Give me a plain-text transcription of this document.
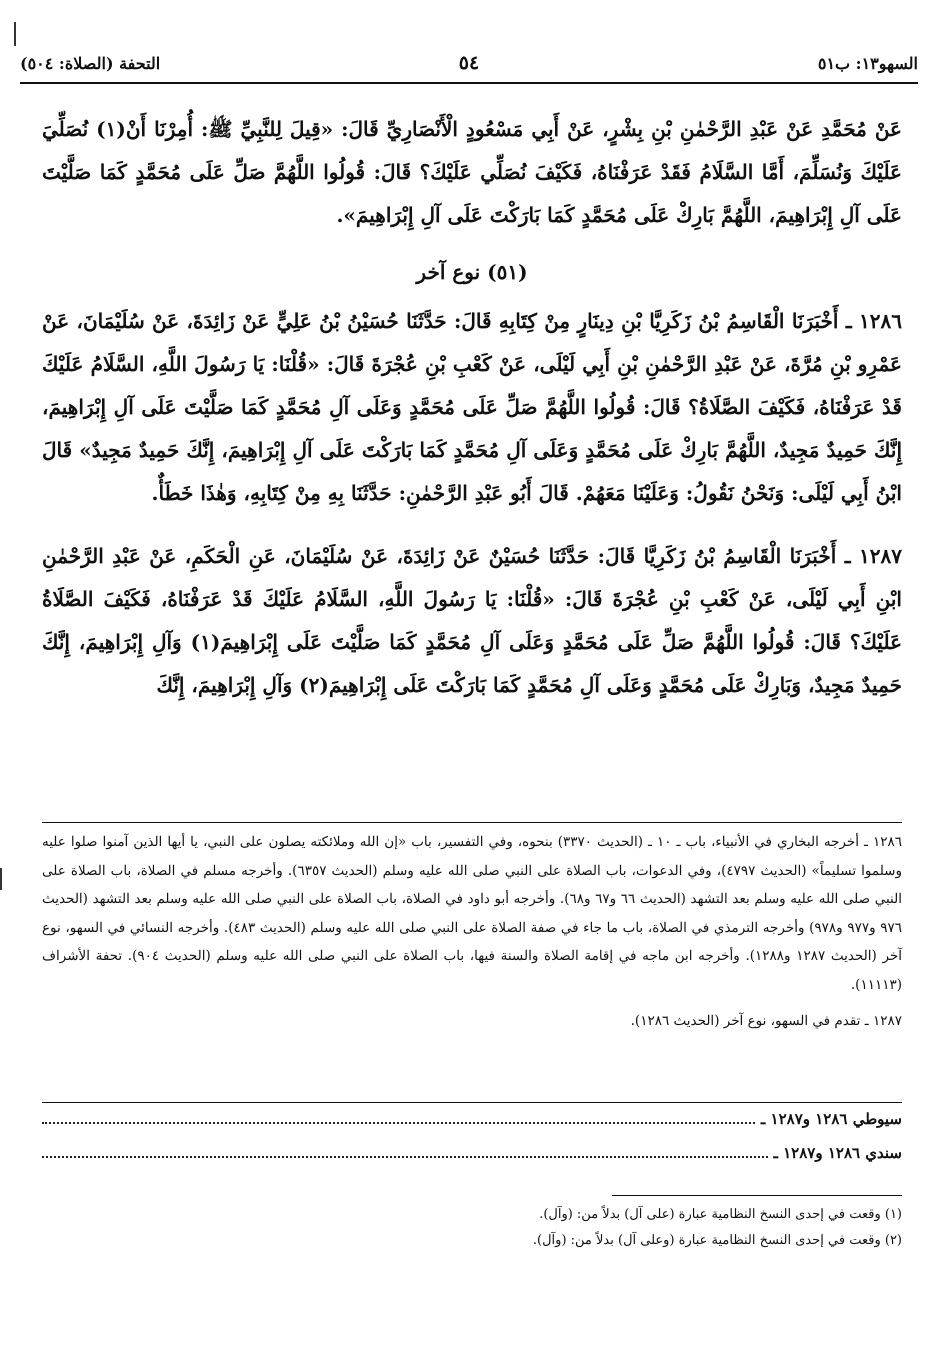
السهو١٣: ب٥١
٥٤
التحفة (الصلاة: ٥٠٤)

عَنْ مُحَمَّدِ عَنْ عَبْدِ الرَّحْمٰنِ بْنِ بِشْرٍ، عَنْ أَبِي مَسْعُودٍ الْأَنْصَارِيِّ قَالَ: «قِيلَ لِلنَّبِيِّ ﷺ: أُمِرْنَا أَنْ(١) نُصَلِّيَ عَلَيْكَ وَنُسَلِّمَ، أَمَّا السَّلَامُ فَقَدْ عَرَفْنَاهُ، فَكَيْفَ نُصَلِّي عَلَيْكَ؟ قَالَ: قُولُوا اللَّهُمَّ صَلِّ عَلَى مُحَمَّدٍ كَمَا صَلَّيْتَ عَلَى آلِ إِبْرَاهِيمَ، اللَّهُمَّ بَارِكْ عَلَى مُحَمَّدٍ كَمَا بَارَكْتَ عَلَى آلِ إِبْرَاهِيمَ».

(٥١) نوع آخر

١٢٨٦ ـ أَخْبَرَنَا الْقَاسِمُ بْنُ زَكَرِيَّا بْنِ دِينَارٍ مِنْ كِتَابِهِ قَالَ: حَدَّثَنَا حُسَيْنُ بْنُ عَلِيٍّ عَنْ زَائِدَةَ، عَنْ سُلَيْمَانَ، عَنْ عَمْرِو بْنِ مُرَّةَ، عَنْ عَبْدِ الرَّحْمٰنِ بْنِ أَبِي لَيْلَى، عَنْ كَعْبِ بْنِ عُجْرَةَ قَالَ: «قُلْنَا: يَا رَسُولَ اللَّهِ، السَّلَامُ عَلَيْكَ قَدْ عَرَفْنَاهُ، فَكَيْفَ الصَّلَاةُ؟ قَالَ: قُولُوا اللَّهُمَّ صَلِّ عَلَى مُحَمَّدٍ وَعَلَى آلِ مُحَمَّدٍ كَمَا صَلَّيْتَ عَلَى آلِ إِبْرَاهِيمَ، إِنَّكَ حَمِيدٌ مَجِيدٌ، اللَّهُمَّ بَارِكْ عَلَى مُحَمَّدٍ وَعَلَى آلِ مُحَمَّدٍ كَمَا بَارَكْتَ عَلَى آلِ إِبْرَاهِيمَ، إِنَّكَ حَمِيدٌ مَجِيدٌ» قَالَ ابْنُ أَبِي لَيْلَى: وَنَحْنُ نَقُولُ: وَعَلَيْنَا مَعَهُمْ. قَالَ أَبُو عَبْدِ الرَّحْمٰنِ: حَدَّثَنَا بِهِ مِنْ كِتَابِهِ، وَهٰذَا خَطَأٌ.

١٢٨٧ ـ أَخْبَرَنَا الْقَاسِمُ بْنُ زَكَرِيَّا قَالَ: حَدَّثَنَا حُسَيْنٌ عَنْ زَائِدَةَ، عَنْ سُلَيْمَانَ، عَنِ الْحَكَمِ، عَنْ عَبْدِ الرَّحْمٰنِ ابْنِ أَبِي لَيْلَى، عَنْ كَعْبِ بْنِ عُجْرَةَ قَالَ: «قُلْنَا: يَا رَسُولَ اللَّهِ، السَّلَامُ عَلَيْكَ قَدْ عَرَفْنَاهُ، فَكَيْفَ الصَّلَاةُ عَلَيْكَ؟ قَالَ: قُولُوا اللَّهُمَّ صَلِّ عَلَى مُحَمَّدٍ وَعَلَى آلِ مُحَمَّدٍ كَمَا صَلَّيْتَ عَلَى إِبْرَاهِيمَ(١) وَآلِ إِبْرَاهِيمَ، إِنَّكَ حَمِيدٌ مَجِيدٌ، وَبَارِكْ عَلَى مُحَمَّدٍ وَعَلَى آلِ مُحَمَّدٍ كَمَا بَارَكْتَ عَلَى إِبْرَاهِيمَ(٢) وَآلِ إِبْرَاهِيمَ، إِنَّكَ

١٢٨٦ ـ أخرجه البخاري في الأنبياء، باب ـ ١٠ ـ (الحديث ٣٣٧٠) بنحوه، وفي التفسير، باب «إن الله وملائكته يصلون على النبي، يا أيها الذين آمنوا صلوا عليه وسلموا تسليماً» (الحديث ٤٧٩٧)، وفي الدعوات، باب الصلاة على النبي صلى الله عليه وسلم (الحديث ٦٣٥٧). وأخرجه مسلم في الصلاة، باب الصلاة على النبي صلى الله عليه وسلم بعد التشهد (الحديث ٦٦ و٦٧ و٦٨). وأخرجه أبو داود في الصلاة، باب الصلاة على النبي صلى الله عليه وسلم بعد التشهد (الحديث ٩٧٦ و٩٧٧ و٩٧٨) وأخرجه الترمذي في الصلاة، باب ما جاء في صفة الصلاة على النبي صلى الله عليه وسلم (الحديث ٤٨٣). وأخرجه النسائي في السهو، نوع آخر (الحديث ١٢٨٧ و١٢٨٨). وأخرجه ابن ماجه في إقامة الصلاة والسنة فيها، باب الصلاة على النبي صلى الله عليه وسلم (الحديث ٩٠٤). تحفة الأشراف (١١١١٣).

١٢٨٧ ـ تقدم في السهو، نوع آخر (الحديث ١٢٨٦).

سيوطي ١٢٨٦ و١٢٨٧ ـ
سندي ١٢٨٦ و١٢٨٧ ـ

(١) وقعت في إحدى النسخ النظامية عبارة (على آل) بدلاً من: (وآل).

(٢) وقعت في إحدى النسخ النظامية عبارة (وعلى آل) بدلاً من: (وآل).
